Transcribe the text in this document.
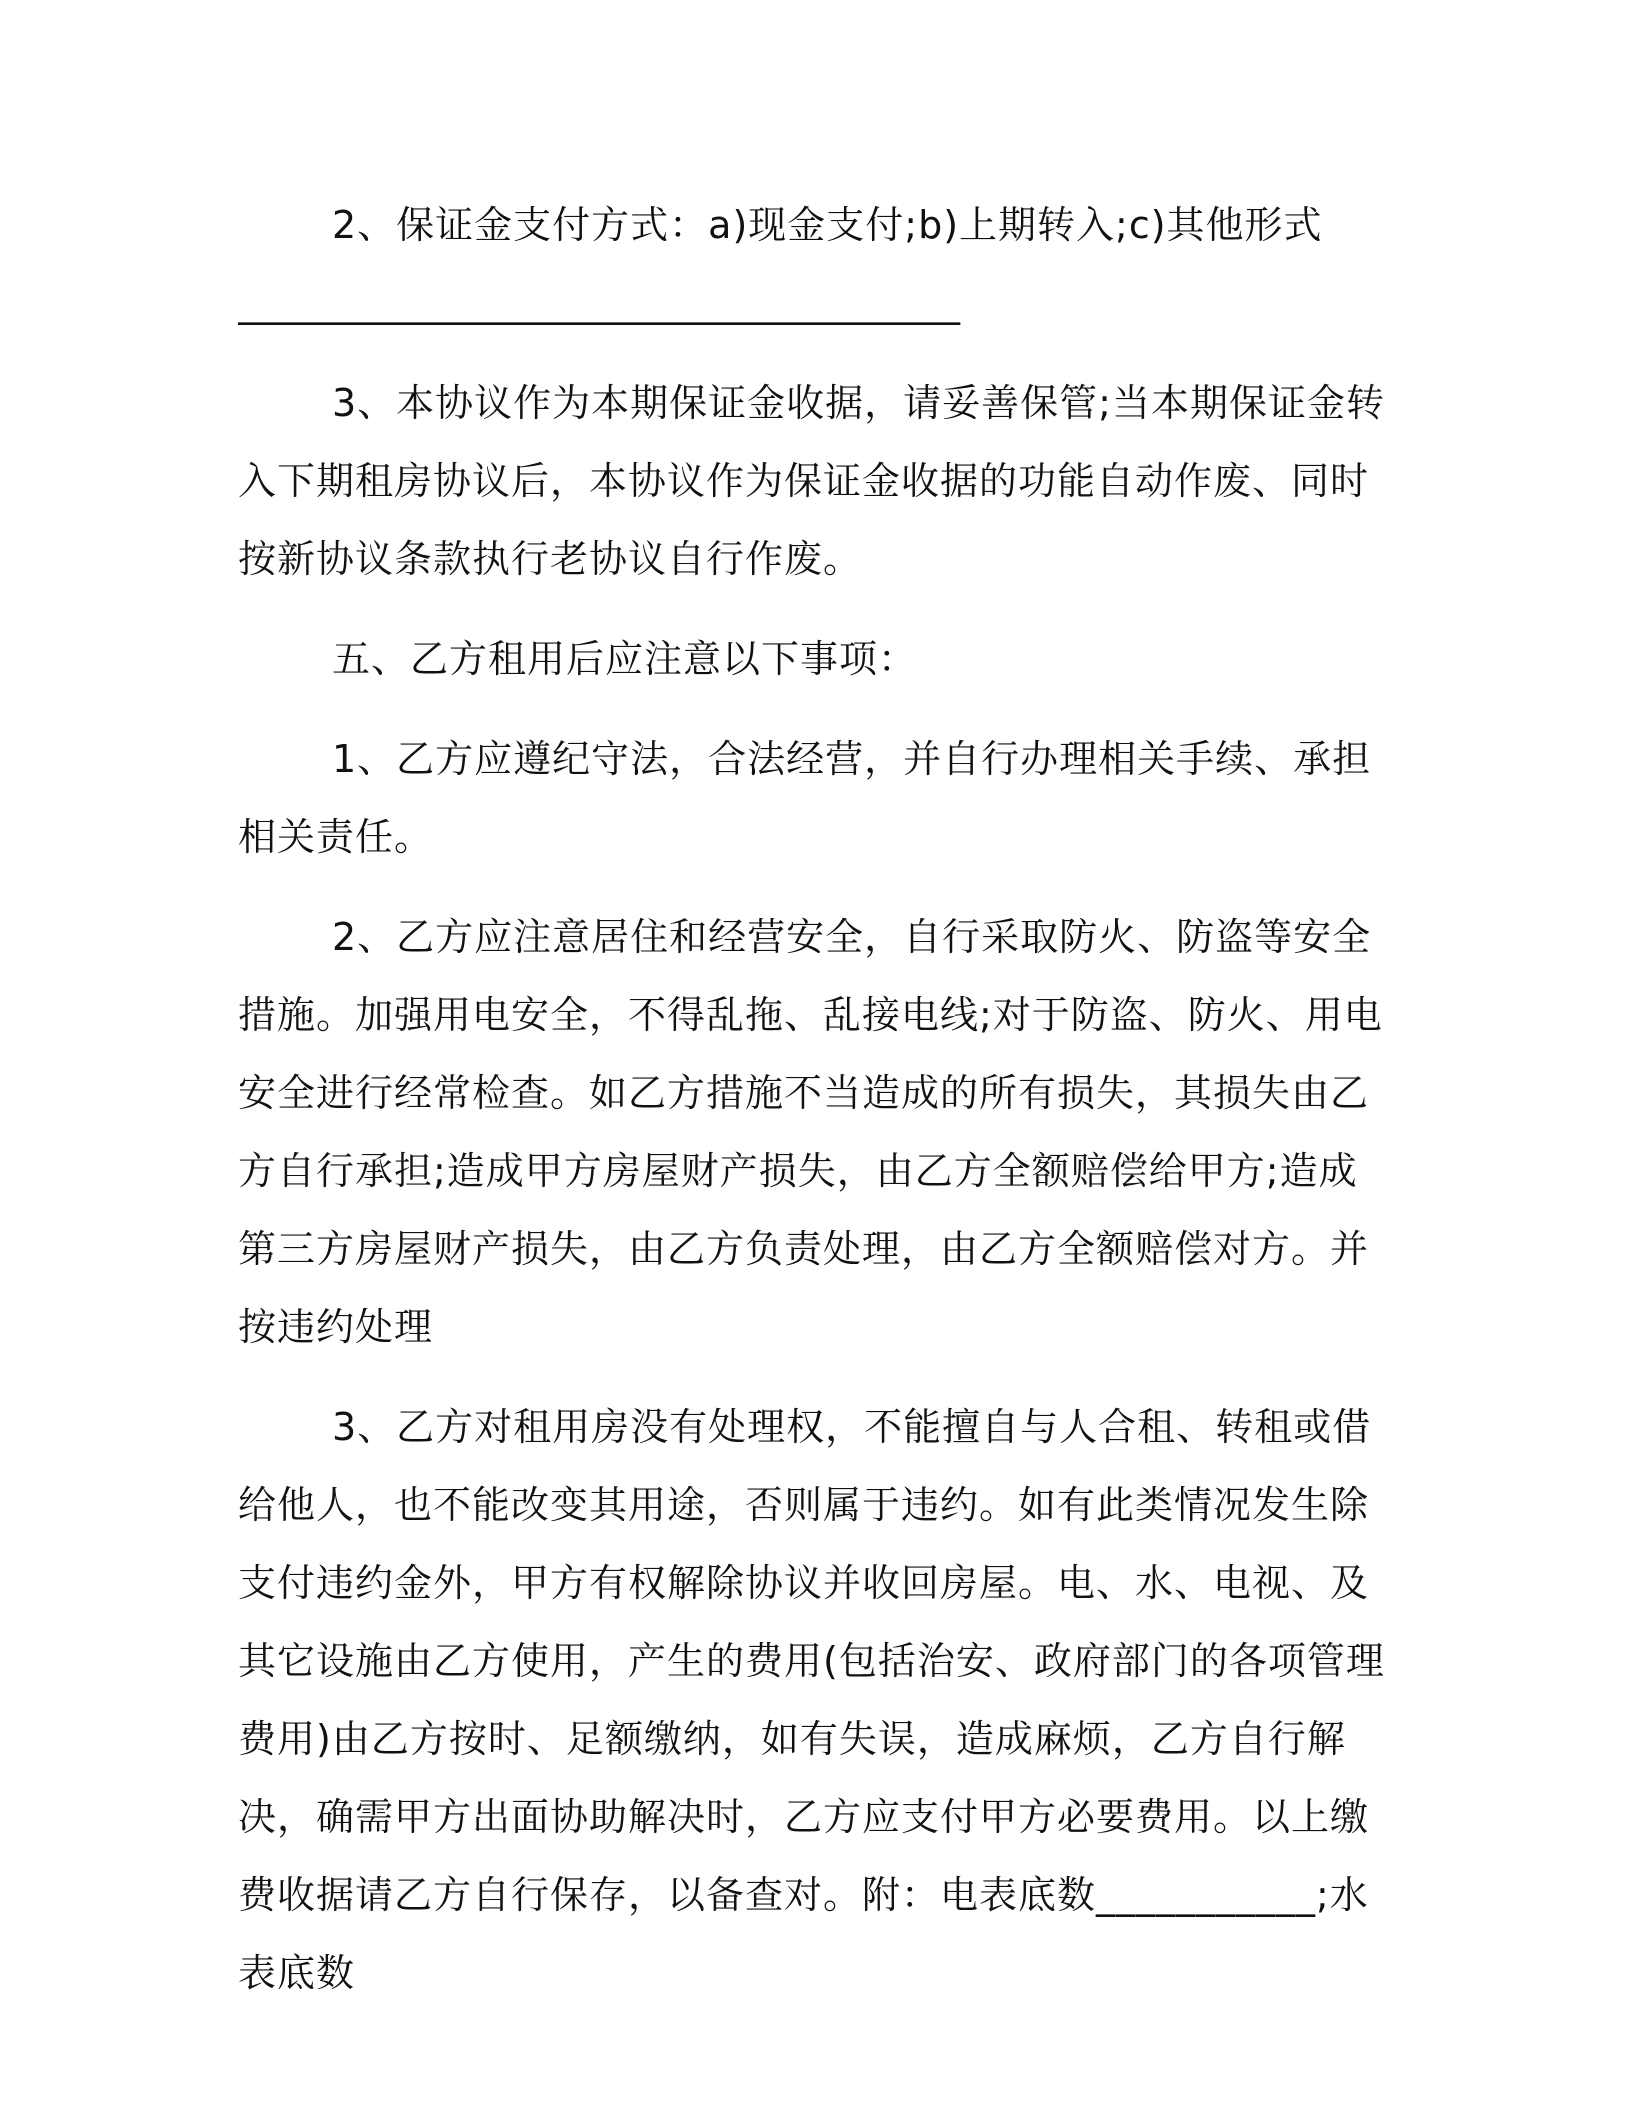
2、保证金支付方式：a)现金支付;b)上期转入;c)其他形式

______________________________________

3、本协议作为本期保证金收据，请妥善保管;当本期保证金转入下期租房协议后，本协议作为保证金收据的功能自动作废、同时按新协议条款执行老协议自行作废。

五、乙方租用后应注意以下事项：

1、乙方应遵纪守法，合法经营，并自行办理相关手续、承担相关责任。

2、乙方应注意居住和经营安全，自行采取防火、防盗等安全措施。加强用电安全，不得乱拖、乱接电线;对于防盗、防火、用电安全进行经常检查。如乙方措施不当造成的所有损失，其损失由乙方自行承担;造成甲方房屋财产损失，由乙方全额赔偿给甲方;造成第三方房屋财产损失，由乙方负责处理，由乙方全额赔偿对方。并按违约处理

3、乙方对租用房没有处理权，不能擅自与人合租、转租或借给他人，也不能改变其用途，否则属于违约。如有此类情况发生除支付违约金外，甲方有权解除协议并收回房屋。电、水、电视、及其它设施由乙方使用，产生的费用(包括治安、政府部门的各项管理费用)由乙方按时、足额缴纳，如有失误，造成麻烦，乙方自行解决，确需甲方出面协助解决时，乙方应支付甲方必要费用。以上缴费收据请乙方自行保存，以备查对。附：电表底数___________;水表底数
